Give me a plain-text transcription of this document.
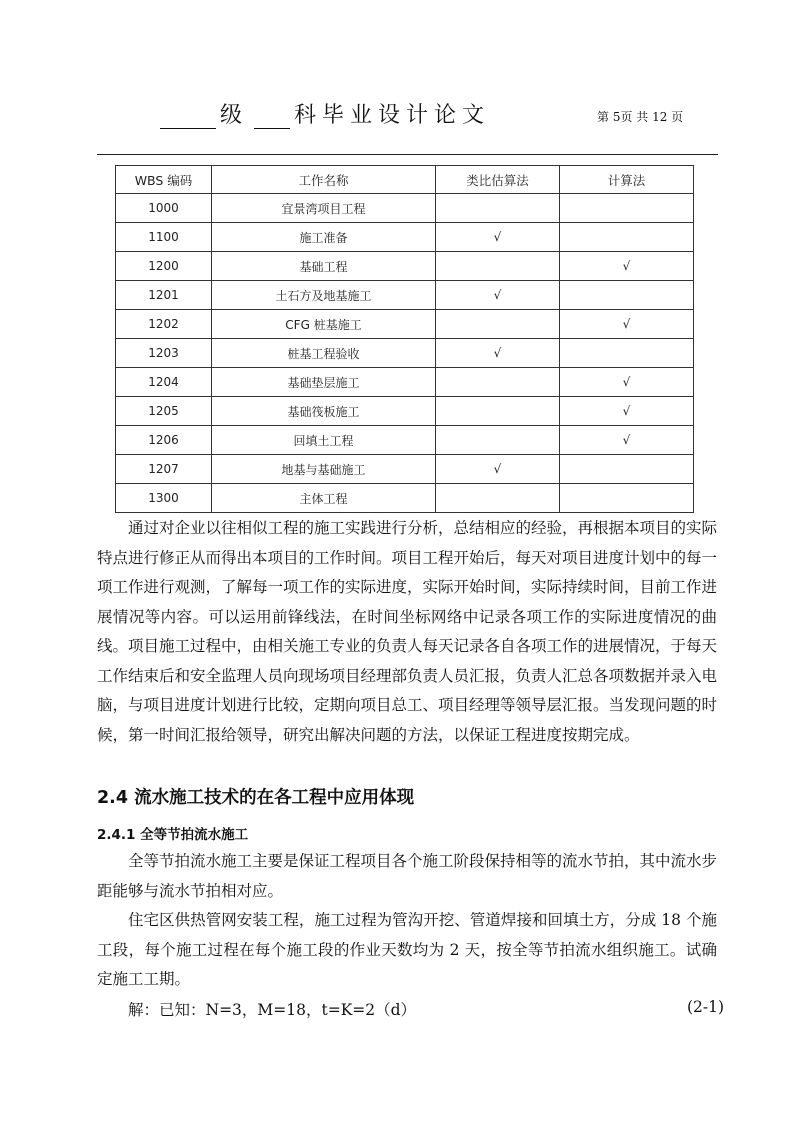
级 科毕业设计论文	第 5页 共 12 页
WBS 编码	工作名称	类比估算法	计算法
1000	宜景湾项目工程		
1100	施工准备	√	
1200	基础工程		√
1201	土石方及地基施工	√	
1202	CFG 桩基施工		√
1203	桩基工程验收	√	
1204	基础垫层施工		√
1205	基础筏板施工		√
1206	回填土工程		√
1207	地基与基础施工	√	
1300	主体工程		

通过对企业以往相似工程的施工实践进行分析，总结相应的经验，再根据本项目的实际特点进行修正从而得出本项目的工作时间。项目工程开始后，每天对项目进度计划中的每一项工作进行观测，了解每一项工作的实际进度，实际开始时间，实际持续时间，目前工作进展情况等内容。可以运用前锋线法，在时间坐标网络中记录各项工作的实际进度情况的曲线。项目施工过程中，由相关施工专业的负责人每天记录各自各项工作的进展情况，于每天工作结束后和安全监理人员向现场项目经理部负责人员汇报，负责人汇总各项数据并录入电脑，与项目进度计划进行比较，定期向项目总工、项目经理等领导层汇报。当发现问题的时候，第一时间汇报给领导，研究出解决问题的方法，以保证工程进度按期完成。

2.4 流水施工技术的在各工程中应用体现
2.4.1 全等节拍流水施工

全等节拍流水施工主要是保证工程项目各个施工阶段保持相等的流水节拍，其中流水步距能够与流水节拍相对应。

住宅区供热管网安装工程，施工过程为管沟开挖、管道焊接和回填土方，分成 18 个施工段，每个施工过程在每个施工段的作业天数均为 2 天，按全等节拍流水组织施工。试确定施工工期。

解：已知：N=3，M=18，t=K=2（d）	(2-1)
